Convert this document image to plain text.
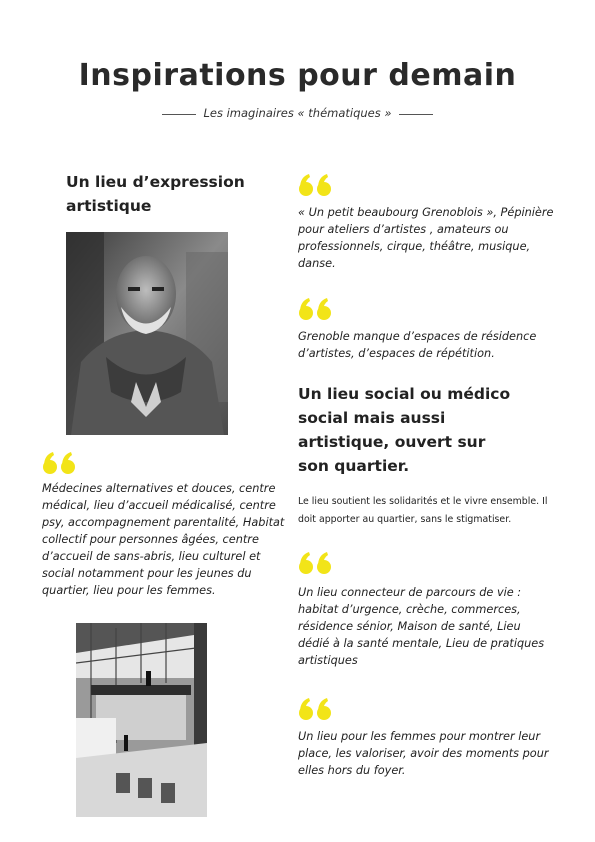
Inspirations pour demain
Les imaginaires « thématiques »
Un lieu d’expression
artistique
Médecines alternatives et douces, centre
médical, lieu d’accueil médicalisé, centre
psy, accompagnement parentalité, Habitat
collectif pour personnes âgées, centre
d’accueil de sans-abris, lieu culturel et
social notamment pour les jeunes du
quartier, lieu pour les femmes.
« Un petit beaubourg Grenoblois », Pépinière
pour ateliers d’artistes , amateurs ou
professionnels, cirque, théâtre, musique,
danse.
Grenoble manque d’espaces de résidence
d’artistes, d’espaces de répétition.
Un lieu social ou médico
social mais aussi
artistique, ouvert sur
son quartier.
Le lieu soutient les solidarités et le vivre ensemble. Il
doit apporter au quartier, sans le stigmatiser.
Un lieu connecteur de parcours de vie :
habitat d’urgence, crèche, commerces,
résidence sénior, Maison de santé, Lieu
dédié à la santé mentale, Lieu de pratiques
artistiques
Un lieu pour les femmes pour montrer leur
place, les valoriser, avoir des moments pour
elles hors du foyer.
